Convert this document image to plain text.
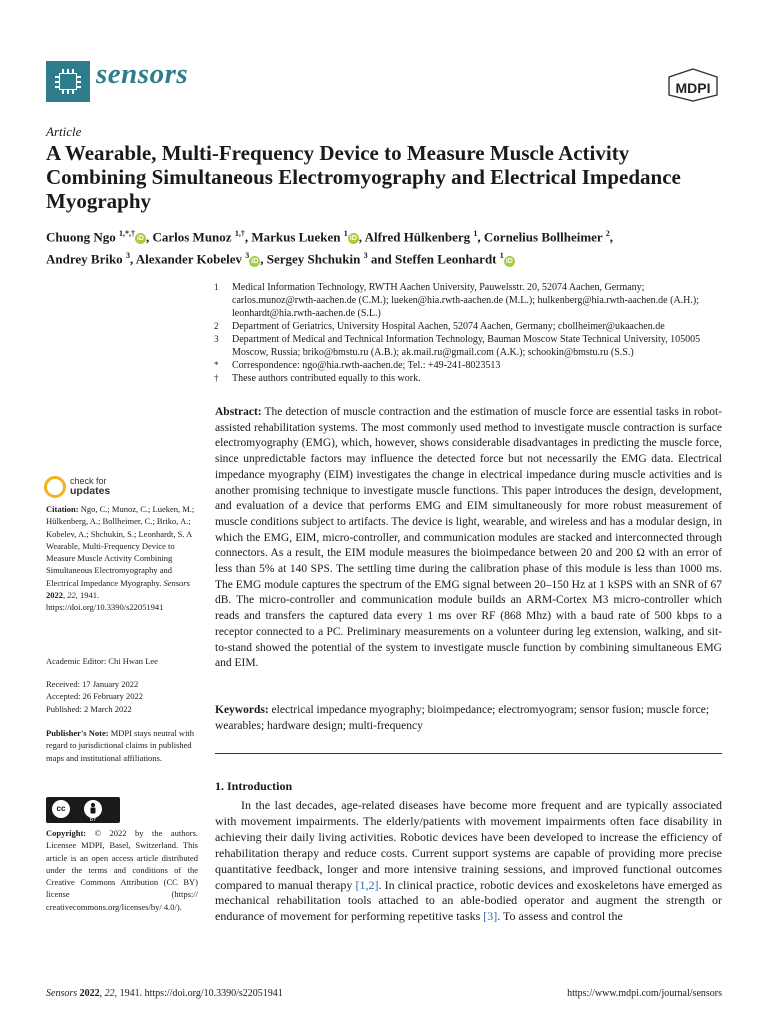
sensors	MDPI
Article
A Wearable, Multi-Frequency Device to Measure Muscle Activity Combining Simultaneous Electromyography and Electrical Impedance Myography
Chuong Ngo $^{1,*,\dagger}$iD , Carlos Munoz $^{1,\dagger}$, Markus Lueken $^1$iD , Alfred Hülkenberg $^1$, Cornelius Bollheimer $^2$,
Andrey Briko $^3$, Alexander Kobelev $^3$iD , Sergey Shchukin $^3$ and Steffen Leonhardt $^1$iD
1	Medical Information Technology, RWTH Aachen University, Pauwelsstr. 20, 52074 Aachen, Germany; carlos.munoz@rwth-aachen.de (C.M.); lueken@hia.rwth-aachen.de (M.L.); hulkenberg@hia.rwth-aachen.de (A.H.); leonhardt@hia.rwth-aachen.de (S.L.)
2	Department of Geriatrics, University Hospital Aachen, 52074 Aachen, Germany; cbollheimer@ukaachen.de
3	Department of Medical and Technical Information Technology, Bauman Moscow State Technical University, 105005 Moscow, Russia; briko@bmstu.ru (A.B.); ak.mail.ru@gmail.com (A.K.); schookin@bmstu.ru (S.S.)
*	Correspondence: ngo@hia.rwth-aachen.de; Tel.: +49-241-8023513
†	These authors contributed equally to this work.
Abstract: The detection of muscle contraction and the estimation of muscle force are essential tasks in robot-assisted rehabilitation systems. The most commonly used method to investigate muscle contraction is surface electromyography (EMG), which, however, shows considerable disadvantages in predicting the muscle force, since unpredictable factors may influence the detected force but not necessarily the EMG data. Electrical impedance myography (EIM) investigates the change in electrical impedance during muscle activities and is another promising technique to investigate muscle functions. This paper introduces the design, development, and evaluation of a device that performs EMG and EIM simultaneously for more robust measurement of muscle conditions subject to artifacts. The device is light, wearable, and wireless and has a modular design, in which the EMG, EIM, micro-controller, and communication modules are stacked and interconnected through connectors. As a result, the EIM module measures the bioimpedance between 20 and 200 Ω with an error of less than 5% at 140 SPS. The settling time during the calibration phase of this module is less than 1000 ms. The EMG module captures the spectrum of the EMG signal between 20–150 Hz at 1 kSPS with an SNR of 67 dB. The micro-controller and communication module builds an ARM-Cortex M3 micro-controller which reads and transfers the captured data every 1 ms over RF (868 Mhz) with a baud rate of 500 kbps to a receptor connected to a PC. Preliminary measurements on a volunteer during leg extension, walking, and sit-to-stand showed the potential of the system to investigate muscle function by combining simultaneous EMG and EIM.
Keywords: electrical impedance myography; bioimpedance; electromyogram; sensor fusion; muscle force; wearables; hardware design; multi-frequency
1. Introduction
In the last decades, age-related diseases have become more frequent and are typically associated with movement impairments. The elderly/patients with movement impairments often face disability in achieving their daily living activities. Robotic devices have been developed to increase the efficiency of rehabilitation therapy and reduce costs. Current support systems are capable of providing more precise quantitative feedback, longer and more intensive training sessions, and improved functional outcomes compared to manual therapy [1,2]. In clinical practice, robotic devices and exoskeletons have emerged as mechanical rehabilitation tools attached to an able-bodied operator and augment the strength or endurance of movement for performing repetitive tasks [3]. To assess and control the
check for
updates
Citation: Ngo, C.; Munoz, C.; Lueken, M.; Hülkenberg, A.; Bollheimer, C.; Briko, A.; Kobelev, A.; Shchukin, S.; Leonhardt, S. A Wearable, Multi-Frequency Device to Measure Muscle Activity Combining Simultaneous Electromyography and Electrical Impedance Myography. Sensors 2022, 22, 1941. https://doi.org/10.3390/s22051941
Academic Editor: Chi Hwan Lee
Received: 17 January 2022
Accepted: 26 February 2022
Published: 2 March 2022
Publisher's Note: MDPI stays neutral with regard to jurisdictional claims in published maps and institutional affiliations.
cc
BY
Copyright: © 2022 by the authors. Licensee MDPI, Basel, Switzerland. This article is an open access article distributed under the terms and conditions of the Creative Commons Attribution (CC BY) license (https:// creativecommons.org/licenses/by/ 4.0/).
Sensors 2022, 22, 1941. https://doi.org/10.3390/s22051941	https://www.mdpi.com/journal/sensors
